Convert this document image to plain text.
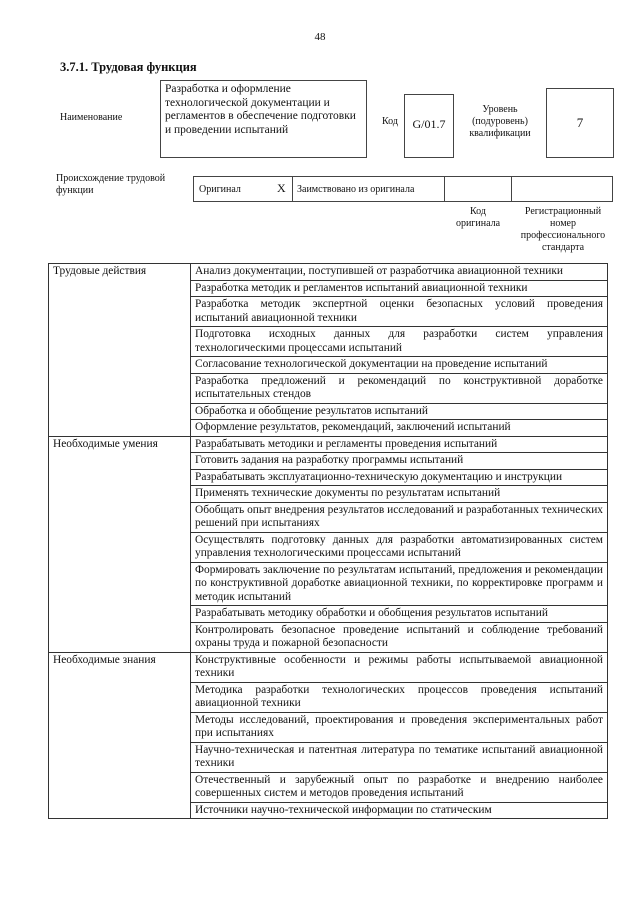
48
3.7.1. Трудовая функция
Наименование
Разработка и оформление технологической документации и регламентов в обеспечение подготовки и проведении испытаний
Код	G/01.7
Уровень (подуровень) квалификации
7
Происхождение трудовой функции	Оригинал	X Заимствовано из оригинала
Код оригинала
Регистрационный номер профессионального стандарта
Трудовые действия	Анализ документации, поступившей от разработчика авиационной техники
	Разработка методик и регламентов испытаний авиационной техники
	Разработка методик экспертной оценки безопасных условий проведения испытаний авиационной техники
	Подготовка исходных данных для разработки систем управления технологическими процессами испытаний
	Согласование технологической документации на проведение испытаний
	Разработка предложений и рекомендаций по конструктивной доработке испытательных стендов
	Обработка и обобщение результатов испытаний
	Оформление результатов, рекомендаций, заключений испытаний
Необходимые умения	Разрабатывать методики и регламенты проведения испытаний
	Готовить задания на разработку программы испытаний
	Разрабатывать эксплуатационно-техническую документацию и инструкции
	Применять технические документы по результатам испытаний
	Обобщать опыт внедрения результатов исследований и разработанных технических решений при испытаниях
	Осуществлять подготовку данных для разработки автоматизированных систем управления технологическими процессами испытаний
	Формировать заключение по результатам испытаний, предложения и рекомендации по конструктивной доработке авиационной техники, по корректировке программ и методик испытаний
	Разрабатывать методику обработки и обобщения результатов испытаний
	Контролировать безопасное проведение испытаний и соблюдение требований охраны труда и пожарной безопасности
Необходимые знания	Конструктивные особенности и режимы работы испытываемой авиационной техники
	Методика разработки технологических процессов проведения испытаний авиационной техники
	Методы исследований, проектирования и проведения экспериментальных работ при испытаниях
	Научно-техническая и патентная литература по тематике испытаний авиационной техники
	Отечественный и зарубежный опыт по разработке и внедрению наиболее совершенных систем и методов проведения испытаний
	Источники научно-технической информации по статическим
